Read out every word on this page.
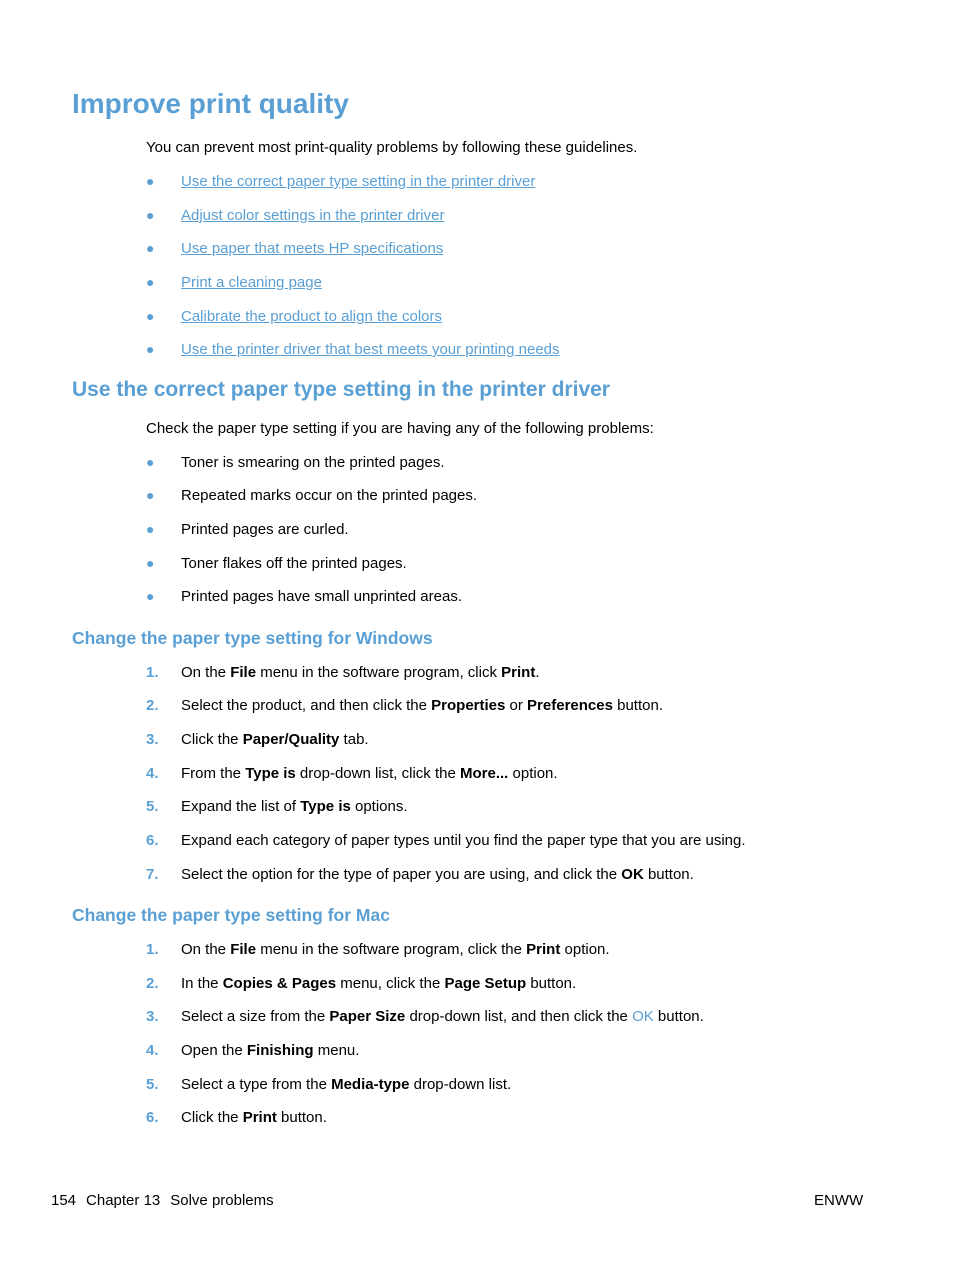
Improve print quality
You can prevent most print-quality problems by following these guidelines.
● Use the correct paper type setting in the printer driver
● Adjust color settings in the printer driver
● Use paper that meets HP specifications
● Print a cleaning page
● Calibrate the product to align the colors
● Use the printer driver that best meets your printing needs
Use the correct paper type setting in the printer driver
Check the paper type setting if you are having any of the following problems:
● Toner is smearing on the printed pages.
● Repeated marks occur on the printed pages.
● Printed pages are curled.
● Toner flakes off the printed pages.
● Printed pages have small unprinted areas.
Change the paper type setting for Windows
1. On the File menu in the software program, click Print.
2. Select the product, and then click the Properties or Preferences button.
3. Click the Paper/Quality tab.
4. From the Type is drop-down list, click the More... option.
5. Expand the list of Type is options.
6. Expand each category of paper types until you find the paper type that you are using.
7. Select the option for the type of paper you are using, and click the OK button.
Change the paper type setting for Mac
1. On the File menu in the software program, click the Print option.
2. In the Copies & Pages menu, click the Page Setup button.
3. Select a size from the Paper Size drop-down list, and then click the OK button.
4. Open the Finishing menu.
5. Select a type from the Media-type drop-down list.
6. Click the Print button.
154 Chapter 13 Solve problems	ENWW
